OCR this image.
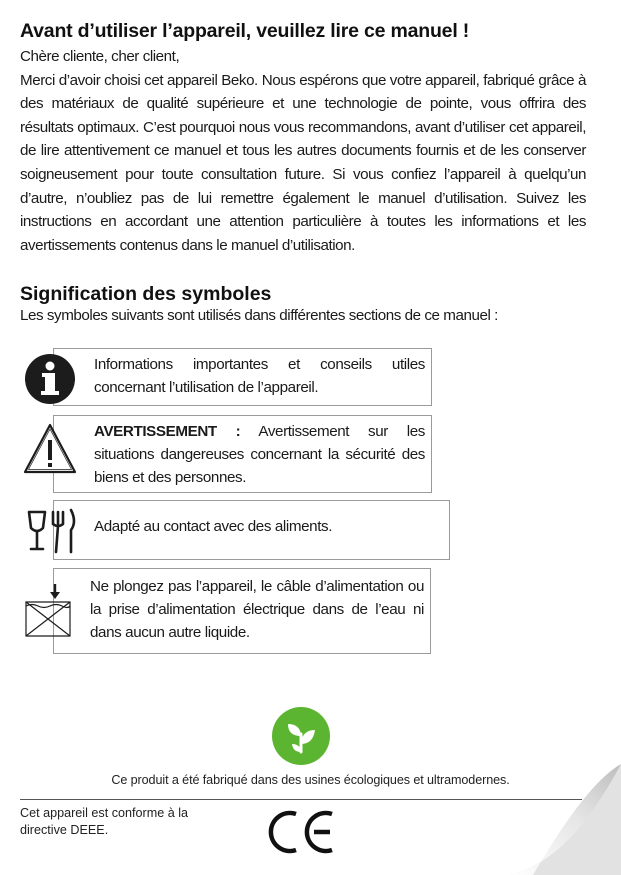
Avant d’utiliser l’appareil, veuillez lire ce manuel !

Chère cliente, cher client,

Merci d’avoir choisi cet appareil Beko. Nous espérons que votre appareil, fabriqué grâce à des matériaux de qualité supérieure et une technologie de pointe, vous offrira des résultats optimaux. C’est pourquoi nous vous recommandons, avant d’utiliser cet appareil, de lire attentivement ce manuel et tous les autres documents fournis et de les conserver soigneusement pour toute consultation future. Si vous confiez l’appareil à quelqu’un d’autre, n’oubliez pas de lui remettre également le manuel d’utilisation. Suivez les instructions en accordant une attention particulière à toutes les informations et les avertissements contenus dans le manuel d’utilisation.

Signification des symboles

Les symboles suivants sont utilisés dans différentes sections de ce manuel :

Informations importantes et conseils utiles concernant l’utilisation de l’appareil.

AVERTISSEMENT : Avertissement sur les situations dangereuses concernant la sécurité des biens et des personnes.

Adapté au contact avec des aliments.

Ne plongez pas l’appareil, le câble d’alimentation ou la prise d’alimentation électrique dans de l’eau ni dans aucun autre liquide.

Ce produit a été fabriqué dans des usines écologiques et ultramodernes.

Cet appareil est conforme à la directive DEEE.
